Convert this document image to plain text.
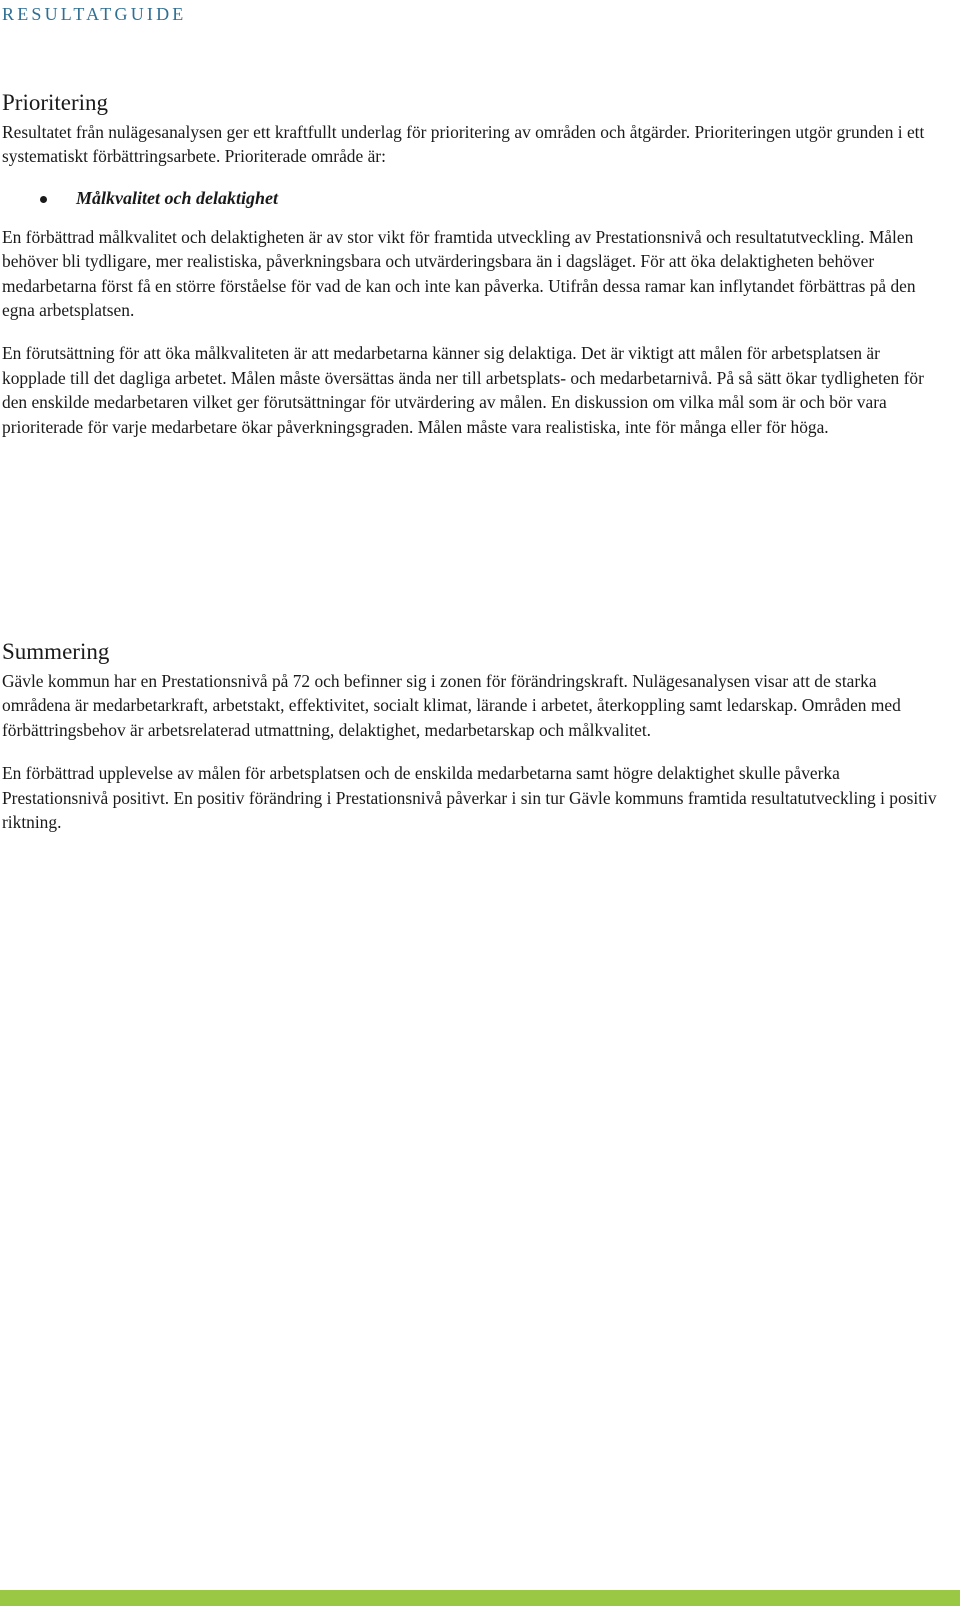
RESULTATGUIDE
Prioritering

Resultatet från nulägesanalysen ger ett kraftfullt underlag för prioritering av områden och åtgärder. Prioriteringen utgör grunden i ett systematiskt förbättringsarbete. Prioriterade område är:

Målkvalitet och delaktighet

En förbättrad målkvalitet och delaktigheten är av stor vikt för framtida utveckling av Prestationsnivå och resultatutveckling. Målen behöver bli tydligare, mer realistiska, påverkningsbara och utvärderingsbara än i dagsläget. För att öka delaktigheten behöver medarbetarna först få en större förståelse för vad de kan och inte kan påverka. Utifrån dessa ramar kan inflytandet förbättras på den egna arbetsplatsen.

En förutsättning för att öka målkvaliteten är att medarbetarna känner sig delaktiga. Det är viktigt att målen för arbetsplatsen är kopplade till det dagliga arbetet. Målen måste översättas ända ner till arbetsplats- och medarbetarnivå. På så sätt ökar tydligheten för den enskilde medarbetaren vilket ger förutsättningar för utvärdering av målen. En diskussion om vilka mål som är och bör vara prioriterade för varje medarbetare ökar påverkningsgraden. Målen måste vara realistiska, inte för många eller för höga.

Summering

Gävle kommun har en Prestationsnivå på 72 och befinner sig i zonen för förändringskraft. Nulägesanalysen visar att de starka områdena är medarbetarkraft, arbetstakt, effektivitet, socialt klimat, lärande i arbetet, återkoppling samt ledarskap. Områden med förbättringsbehov är arbetsrelaterad utmattning, delaktighet, medarbetarskap och målkvalitet.

En förbättrad upplevelse av målen för arbetsplatsen och de enskilda medarbetarna samt högre delaktighet skulle påverka Prestationsnivå positivt. En positiv förändring i Prestationsnivå påverkar i sin tur Gävle kommuns framtida resultatutveckling i positiv riktning.
